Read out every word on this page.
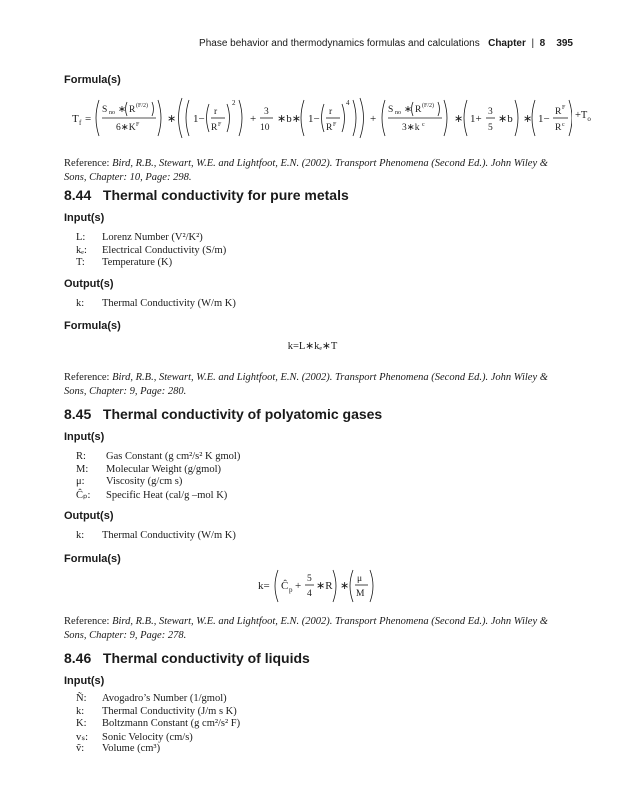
Phase behavior and thermodynamics formulas and calculations Chapter | 8 395
Formula(s)
T f =
S no ∗ R (F/2)
6∗K F	∗ 1−
r
R F
2
+
3
10
∗b∗ 1−
r
R F
4
+
S no ∗ R (F/2)
3∗k c	∗ 1+
3
5
∗b ∗ 1−
R F
R c
$+T_o$
Reference: Bird, R.B., Stewart, W.E. and Lightfoot, E.N. (2002). Transport Phenomena (Second Ed.). John Wiley & Sons, Chapter: 10, Page: 298.
8.44 Thermal conductivity for pure metals
Input(s)
L: Lorenz Number (V²/K²)
kₑ: Electrical Conductivity (S/m)
T: Temperature (K)
Output(s)
k: Thermal Conductivity (W/m K)
Formula(s)
k=L∗kₑ∗T
Reference: Bird, R.B., Stewart, W.E. and Lightfoot, E.N. (2002). Transport Phenomena (Second Ed.). John Wiley & Sons, Chapter: 9, Page: 280.
8.45 Thermal conductivity of polyatomic gases
Input(s)
R: Gas Constant (g cm²/s² K gmol)
M: Molecular Weight (g/gmol)
μ: Viscosity (g/cm s)
Ĉₚ: Specific Heat (cal/g –mol K)
Output(s)
k: Thermal Conductivity (W/m K)
Formula(s)
k= Ĉ p +
5
4
∗R ∗
μ
M
Reference: Bird, R.B., Stewart, W.E. and Lightfoot, E.N. (2002). Transport Phenomena (Second Ed.). John Wiley & Sons, Chapter: 9, Page: 278.
8.46 Thermal conductivity of liquids
Input(s)
Ñ: Avogadro’s Number (1/gmol)
k: Thermal Conductivity (J/m s K)
K: Boltzmann Constant (g cm²/s² F)
vₛ: Sonic Velocity (cm/s)
ṽ: Volume (cm³)
